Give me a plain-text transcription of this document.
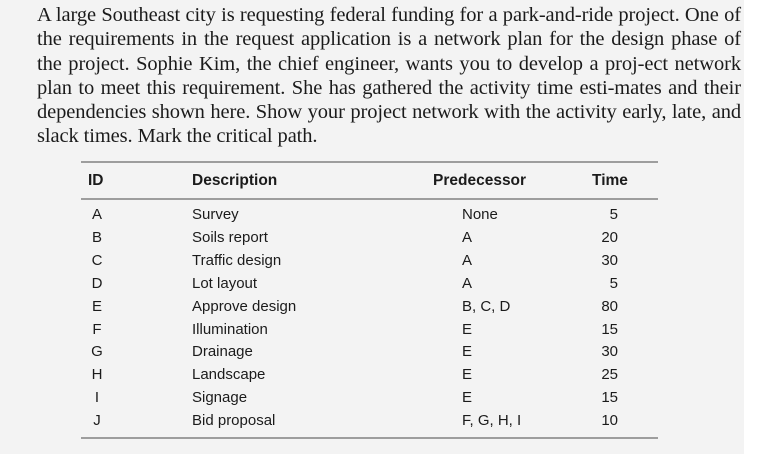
A large Southeast city is requesting federal funding for a park-and-ride project. One of the requirements in the request application is a network plan for the design phase of the project. Sophie Kim, the chief engineer, wants you to develop a proj-ect network plan to meet this requirement. She has gathered the activity time esti-mates and their dependencies shown here. Show your project network with the activity early, late, and slack times. Mark the critical path.

ID	Description	Predecessor	Time
A	Survey	None	5
B	Soils report	A	20
C	Traffic design	A	30
D	Lot layout	A	5
E	Approve design	B, C, D	80
F	Illumination	E	15
G	Drainage	E	30
H	Landscape	E	25
I	Signage	E	15
J	Bid proposal	F, G, H, I	10
